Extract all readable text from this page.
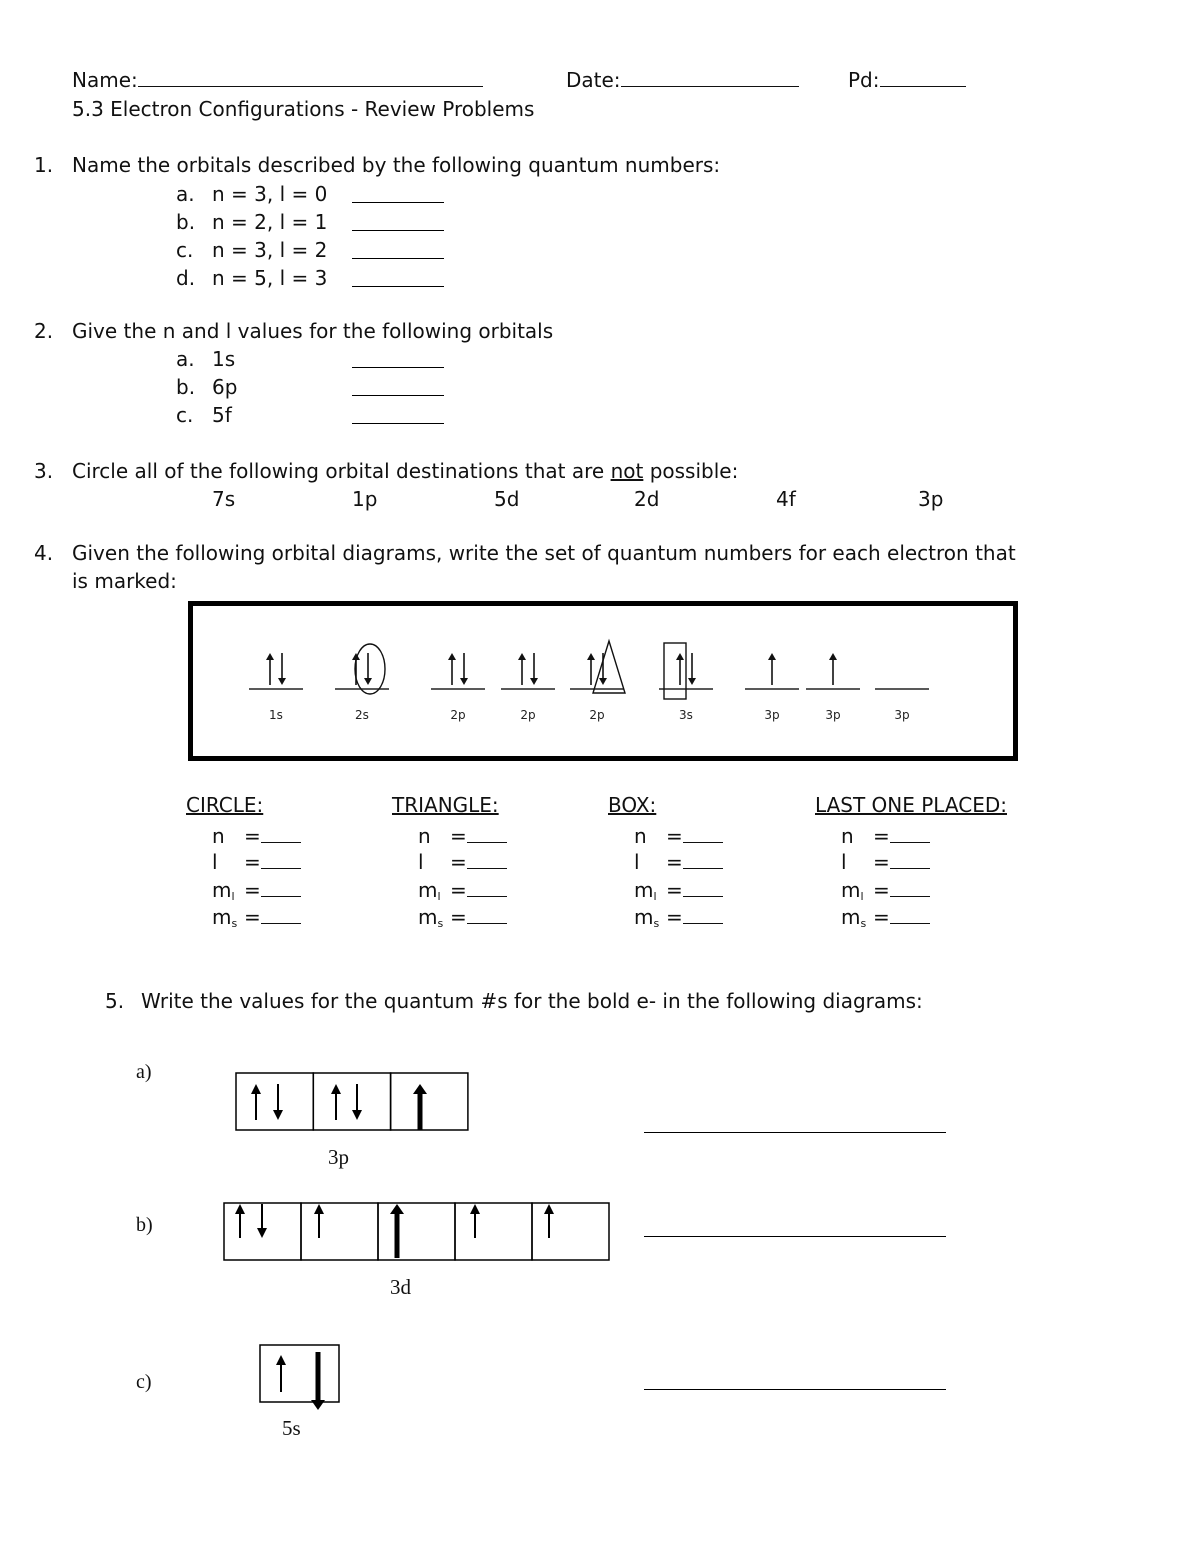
Name:	Date:	Pd:
5.3 Electron Configurations - Review Problems
1. Name the orbitals described by the following quantum numbers:
a. n = 3, l = 0
b. n = 2, l = 1
c. n = 3, l = 2
d. n = 5, l = 3
2. Give the n and l values for the following orbitals
a. 1s
b. 6p
c. 5f
3. Circle all of the following orbital destinations that are not possible:
7s	1p	5d	2d	4f	3p
4. Given the following orbital diagrams, write the set of quantum numbers for each electron that
is marked:
1s	2s	2p	2p	2p	3s	3p	3p	3p
CIRCLE:
n =
l =
$m_l$ =
$m_s$ =
TRIANGLE:
n =
l =
$m_l$ =
$m_s$ =
BOX:
n =
l =
$m_l$ =
$m_s$ =
LAST ONE PLACED:
n =
l =
$m_l$ =
$m_s$ =
5. Write the values for the quantum #s for the bold e- in the following diagrams:
a)
b)
c)
3p
3d
5s
